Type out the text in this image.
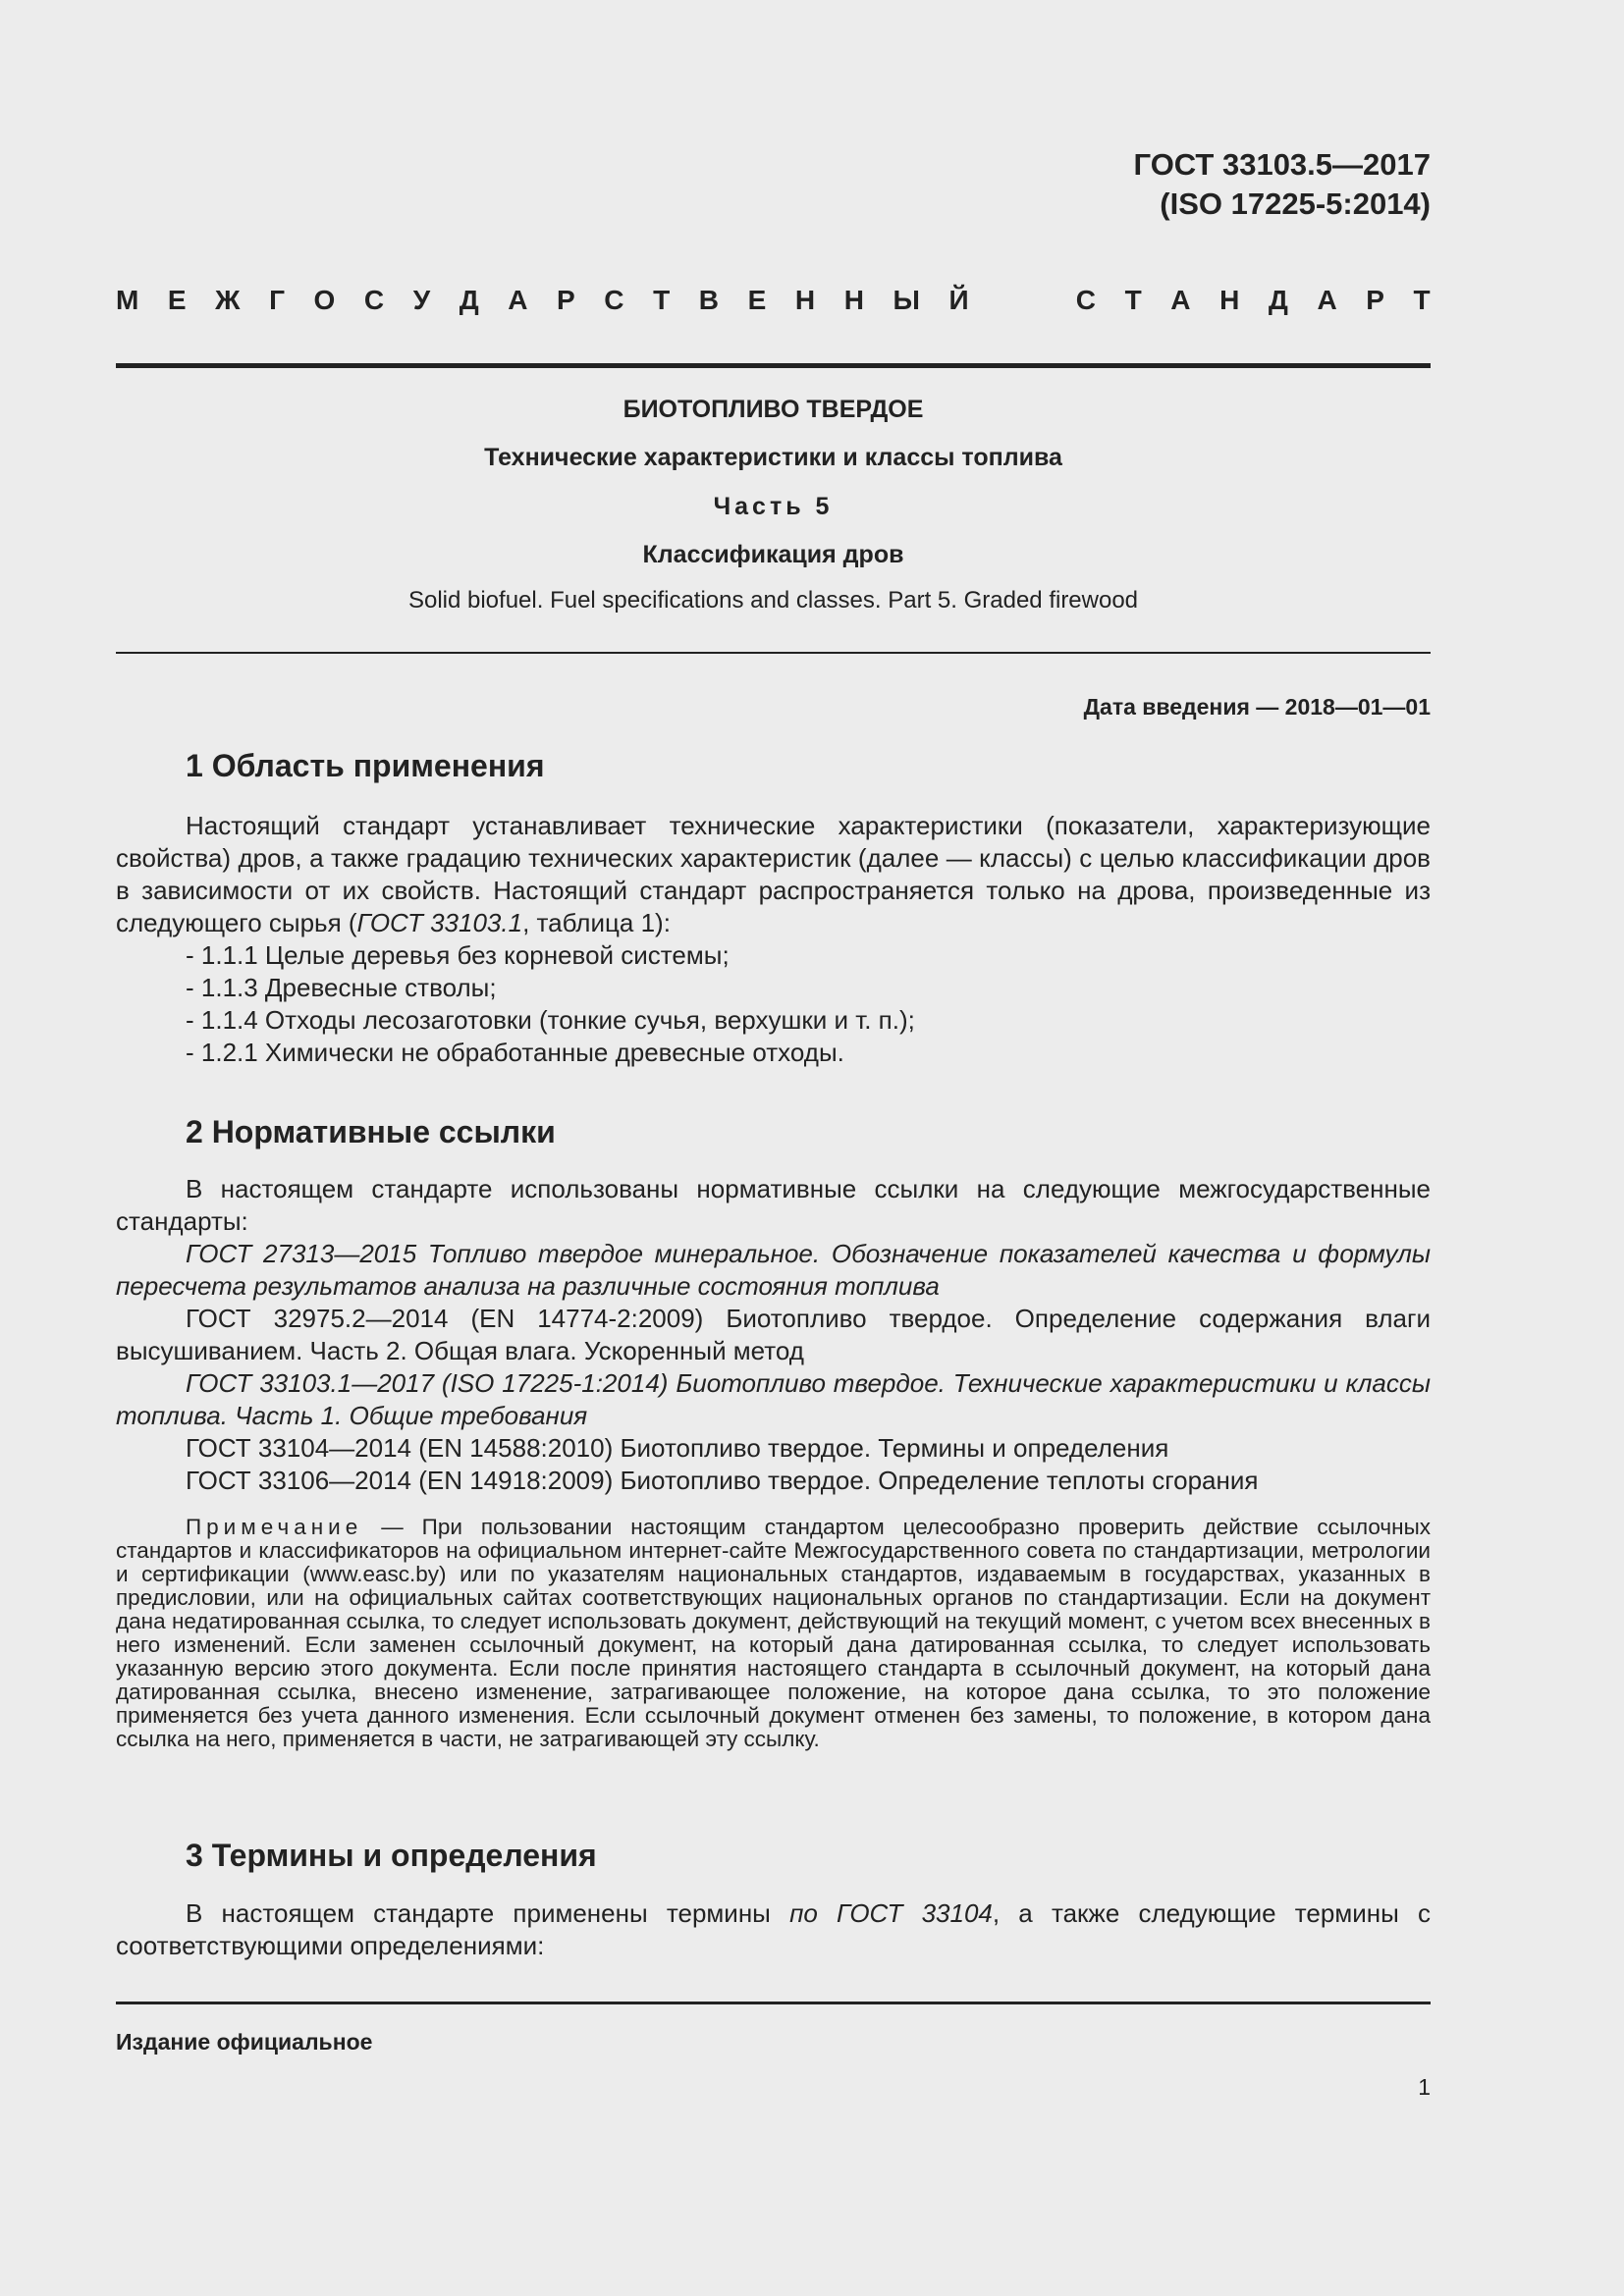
ГОСТ 33103.5—2017
(ISO 17225-5:2014)
М Е Ж Г О С У Д А Р С Т В Е Н Н Ы Й	С Т А Н Д А Р Т
БИОТОПЛИВО ТВЕРДОЕ
Технические характеристики и классы топлива
Часть 5
Классификация дров
Solid biofuel. Fuel specifications and classes. Part 5. Graded firewood
Дата введения — 2018—01—01
1 Область применения

Настоящий стандарт устанавливает технические характеристики (показатели, характеризующие свойства) дров, а также градацию технических характеристик (далее — классы) с целью классификации дров в зависимости от их свойств. Настоящий стандарт распространяется только на дрова, произведенные из следующего сырья (ГОСТ 33103.1, таблица 1):

- 1.1.1 Целые деревья без корневой системы;

- 1.1.3 Древесные стволы;

- 1.1.4 Отходы лесозаготовки (тонкие сучья, верхушки и т. п.);

- 1.2.1 Химически не обработанные древесные отходы.

2 Нормативные ссылки

В настоящем стандарте использованы нормативные ссылки на следующие межгосударственные стандарты:

ГОСТ 27313—2015 Топливо твердое минеральное. Обозначение показателей качества и формулы пересчета результатов анализа на различные состояния топлива

ГОСТ 32975.2—2014 (EN 14774-2:2009) Биотопливо твердое. Определение содержания влаги высушиванием. Часть 2. Общая влага. Ускоренный метод

ГОСТ 33103.1—2017 (ISO 17225-1:2014) Биотопливо твердое. Технические характеристики и классы топлива. Часть 1. Общие требования

ГОСТ 33104—2014 (EN 14588:2010) Биотопливо твердое. Термины и определения

ГОСТ 33106—2014 (EN 14918:2009) Биотопливо твердое. Определение теплоты сгорания

Примечание — При пользовании настоящим стандартом целесообразно проверить действие ссылочных стандартов и классификаторов на официальном интернет-сайте Межгосударственного совета по стандартизации, метрологии и сертификации (www.easc.by) или по указателям национальных стандартов, издаваемым в государствах, указанных в предисловии, или на официальных сайтах соответствующих национальных органов по стандартизации. Если на документ дана недатированная ссылка, то следует использовать документ, действующий на текущий момент, с учетом всех внесенных в него изменений. Если заменен ссылочный документ, на который дана датированная ссылка, то следует использовать указанную версию этого документа. Если после принятия настоящего стандарта в ссылочный документ, на который дана датированная ссылка, внесено изменение, затрагивающее положение, на которое дана ссылка, то это положение применяется без учета данного изменения. Если ссылочный документ отменен без замены, то положение, в котором дана ссылка на него, применяется в части, не затрагивающей эту ссылку.

3 Термины и определения

В настоящем стандарте применены термины по ГОСТ 33104, а также следующие термины с соответствующими определениями:

Издание официальное
1
